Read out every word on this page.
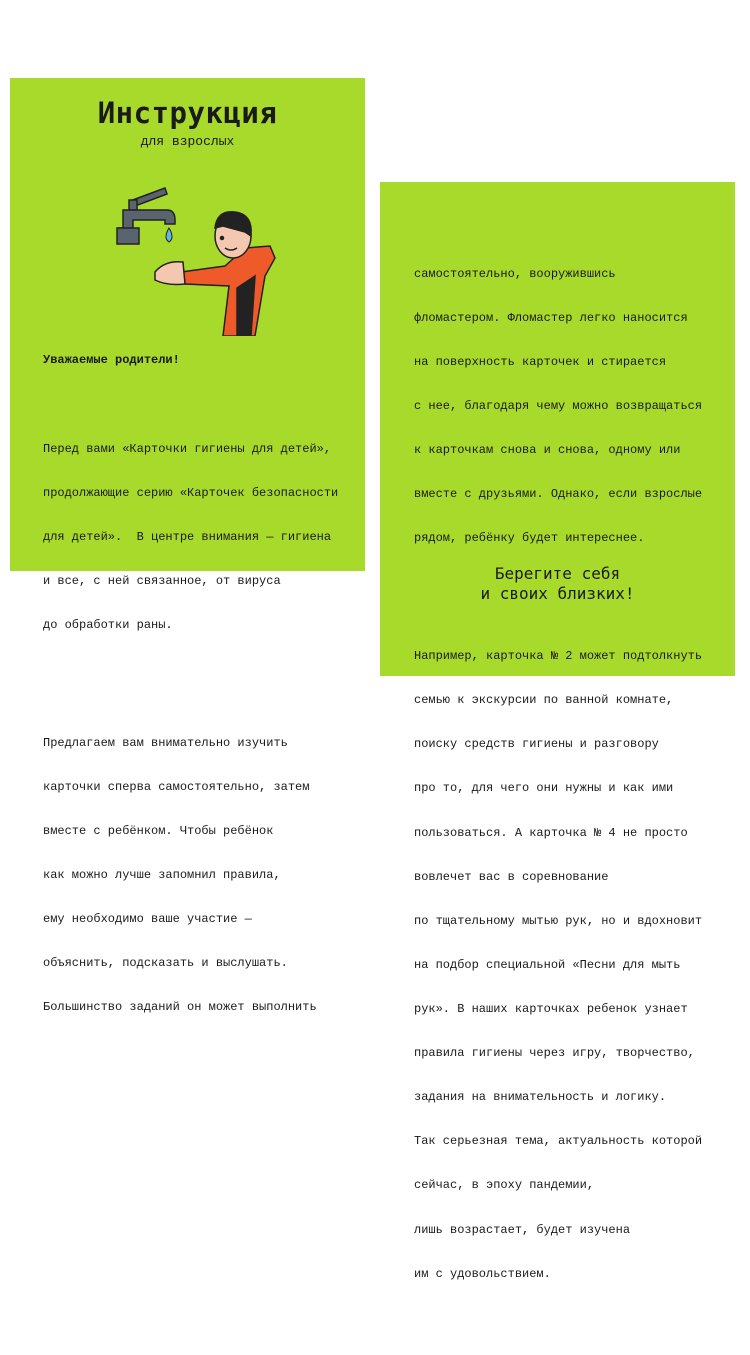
Инструкция
для взрослых

Уважаемые родители!

Перед вами «Карточки гигиены для детей»,

продолжающие серию «Карточек безопасности

для детей».  В центре внимания — гигиена

и все, с ней связанное, от вируса

до обработки раны.

Предлагаем вам внимательно изучить

карточки сперва самостоятельно, затем

вместе с ребёнком. Чтобы ребёнок

как можно лучше запомнил правила,

ему необходимо ваше участие —

объяснить, подсказать и выслушать.

Большинство заданий он может выполнить

самостоятельно, вооружившись

фломастером. Фломастер легко наносится

на поверхность карточек и стирается

с нее, благодаря чему можно возвращаться

к карточкам снова и снова, одному или

вместе с друзьями. Однако, если взрослые

рядом, ребёнку будет интереснее.

Например, карточка № 2 может подтолкнуть

семью к экскурсии по ванной комнате,

поиску средств гигиены и разговору

про то, для чего они нужны и как ими

пользоваться. А карточка № 4 не просто

вовлечет вас в соревнование

по тщательному мытью рук, но и вдохновит

на подбор специальной «Песни для мыть

рук». В наших карточках ребенок узнает

правила гигиены через игру, творчество,

задания на внимательность и логику.

Так серьезная тема, актуальность которой

сейчас, в эпоху пандемии,

лишь возрастает, будет изучена

им с удовольствием.

Берегите себя
и своих близких!
